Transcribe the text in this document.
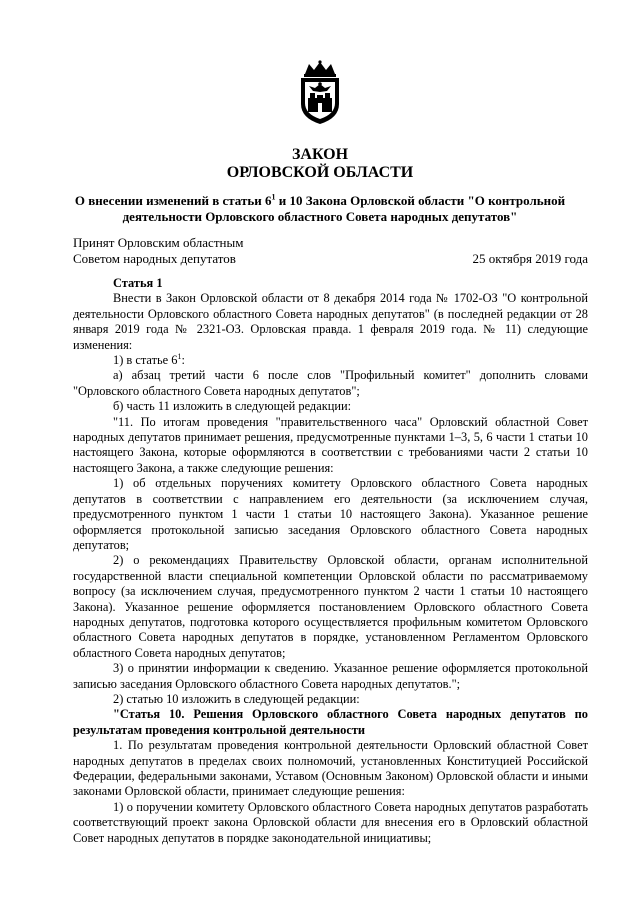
ЗАКОН
ОРЛОВСКОЙ ОБЛАСТИ
О внесении изменений в статьи $6^1$ и 10 Закона Орловской области "О контрольной деятельности Орловского областного Совета народных депутатов"
Принят Орловским областным
Советом народных депутатов	25 октября 2019 года

Статья 1

Внести в Закон Орловской области от 8 декабря 2014 года № 1702-ОЗ "О контрольной деятельности Орловского областного Совета народных депутатов" (в последней редакции от 28 января 2019 года № 2321-ОЗ. Орловская правда. 1 февраля 2019 года. № 11) следующие изменения:

1) в статье $6^1$:

а) абзац третий части 6 после слов "Профильный комитет" дополнить словами "Орловского областного Совета народных депутатов";

б) часть 11 изложить в следующей редакции:

"11. По итогам проведения "правительственного часа" Орловский областной Совет народных депутатов принимает решения, предусмотренные пунктами 1–3, 5, 6 части 1 статьи 10 настоящего Закона, которые оформляются в соответствии с требованиями части 2 статьи 10 настоящего Закона, а также следующие решения:

1) об отдельных поручениях комитету Орловского областного Совета народных депутатов в соответствии с направлением его деятельности (за исключением случая, предусмотренного пунктом 1 части 1 статьи 10 настоящего Закона). Указанное решение оформляется протокольной записью заседания Орловского областного Совета народных депутатов;

2) о рекомендациях Правительству Орловской области, органам исполнительной государственной власти специальной компетенции Орловской области по рассматриваемому вопросу (за исключением случая, предусмотренного пунктом 2 части 1 статьи 10 настоящего Закона). Указанное решение оформляется постановлением Орловского областного Совета народных депутатов, подготовка которого осуществляется профильным комитетом Орловского областного Совета народных депутатов в порядке, установленном Регламентом Орловского областного Совета народных депутатов;

3) о принятии информации к сведению. Указанное решение оформляется протокольной записью заседания Орловского областного Совета народных депутатов.";

2) статью 10 изложить в следующей редакции:

"Статья 10. Решения Орловского областного Совета народных депутатов по результатам проведения контрольной деятельности

1. По результатам проведения контрольной деятельности Орловский областной Совет народных депутатов в пределах своих полномочий, установленных Конституцией Российской Федерации, федеральными законами, Уставом (Основным Законом) Орловской области и иными законами Орловской области, принимает следующие решения:

1) о поручении комитету Орловского областного Совета народных депутатов разработать соответствующий проект закона Орловской области для внесения его в Орловский областной Совет народных депутатов в порядке законодательной инициативы;
